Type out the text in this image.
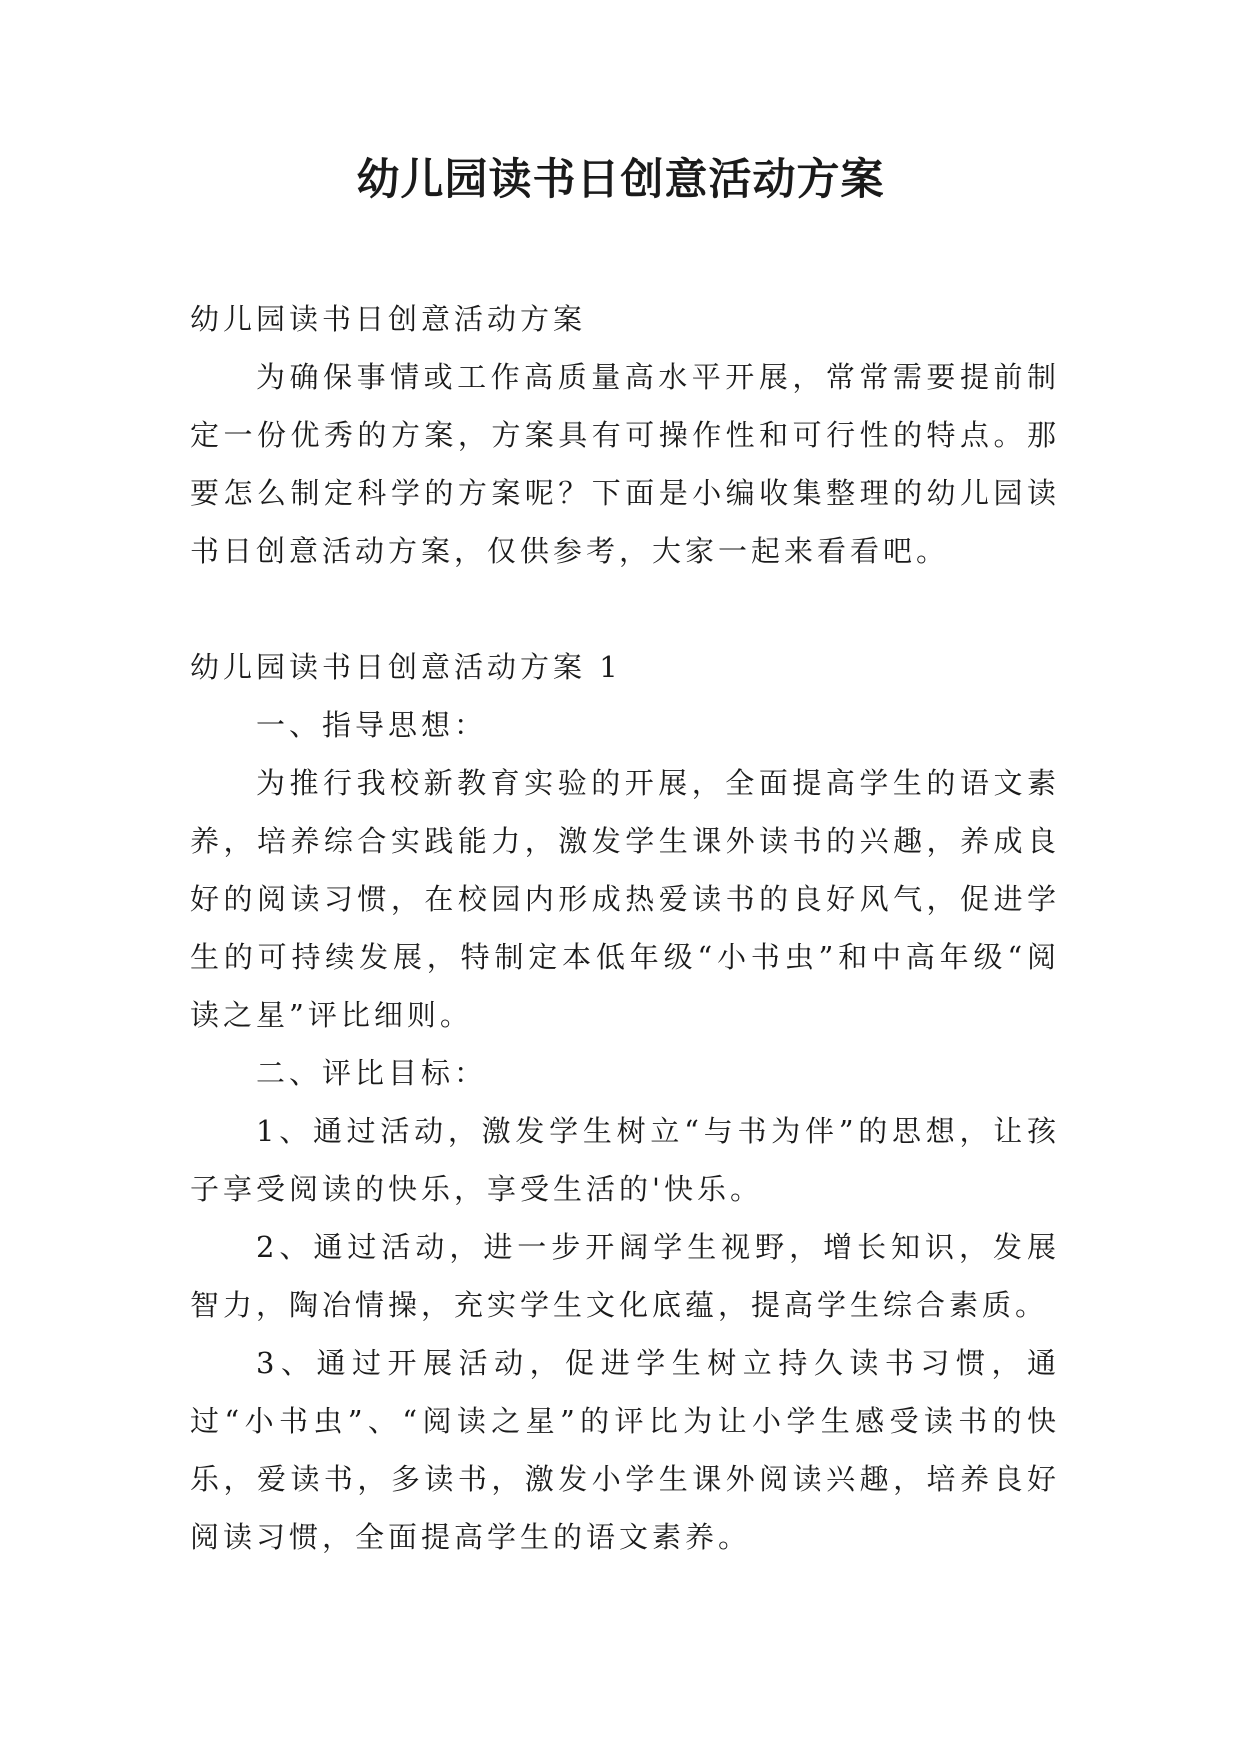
幼儿园读书日创意活动方案

幼儿园读书日创意活动方案

为确保事情或工作高质量高水平开展，常常需要提前制定一份优秀的方案，方案具有可操作性和可行性的特点。那要怎么制定科学的方案呢？下面是小编收集整理的幼儿园读书日创意活动方案，仅供参考，大家一起来看看吧。

幼儿园读书日创意活动方案 1

一、指导思想：

为推行我校新教育实验的开展，全面提高学生的语文素养，培养综合实践能力，激发学生课外读书的兴趣，养成良好的阅读习惯，在校园内形成热爱读书的良好风气，促进学生的可持续发展，特制定本低年级“小书虫”和中高年级“阅读之星”评比细则。

二、评比目标：

1、通过活动，激发学生树立“与书为伴”的思想，让孩子享受阅读的快乐，享受生活的'快乐。

2、通过活动，进一步开阔学生视野，增长知识，发展智力，陶冶情操，充实学生文化底蕴，提高学生综合素质。

3、通过开展活动，促进学生树立持久读书习惯，通过“小书虫”、“阅读之星”的评比为让小学生感受读书的快乐，爱读书，多读书，激发小学生课外阅读兴趣，培养良好阅读习惯，全面提高学生的语文素养。
